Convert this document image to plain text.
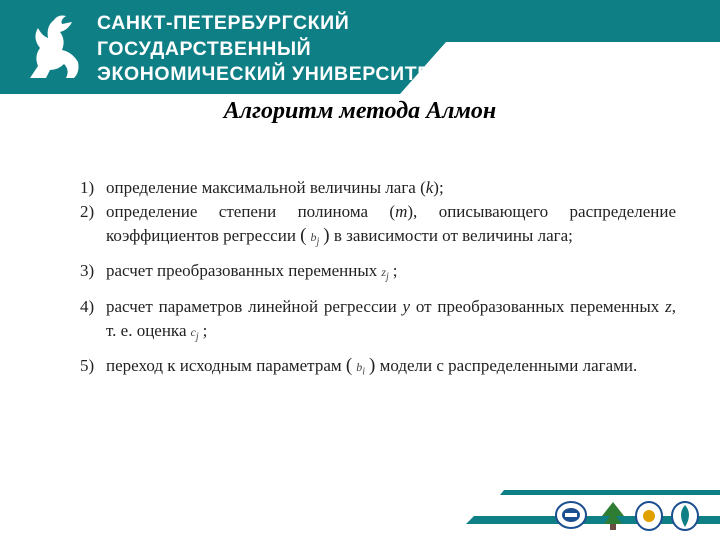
САНКТ-ПЕТЕРБУРГСКИЙ
ГОСУДАРСТВЕННЫЙ
ЭКОНОМИЧЕСКИЙ УНИВЕРСИТЕТ
Алгоритм метода Алмон
1) определение максимальной величины лага (k);
2) определение степени полинома (m), описывающего распределение коэффициентов регрессии ( $b_j$ ) в зависимости от величины лага;
3) расчет преобразованных переменных $z_j$ ;
4) расчет параметров линейной регрессии y от преобразованных переменных z, т. е. оценка $c_j$ ;
5) переход к исходным параметрам ( $b_i$ ) модели с распределенными лагами.
